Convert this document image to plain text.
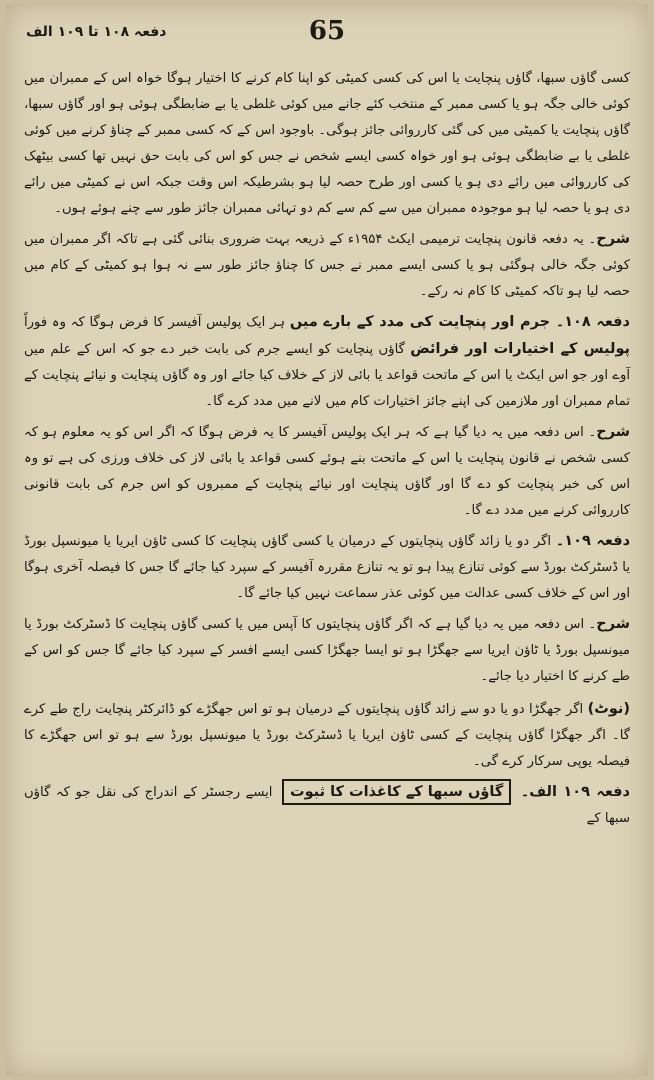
دفعہ ۱۰۸ تا ۱۰۹ الف	65

کسی گاؤں سبھا، گاؤں پنچایت یا اس کی کسی کمیٹی کو اپنا کام کرنے کا اختیار ہوگا خواہ اس کے ممبران میں کوئی خالی جگہ ہو یا کسی ممبر کے منتخب کئے جانے میں کوئی غلطی یا بے ضابطگی ہوئی ہو اور گاؤں سبھا، گاؤں پنچایت یا کمیٹی میں کی گئی کارروائی جائز ہوگی۔ باوجود اس کے کہ کسی ممبر کے چناؤ کرنے میں کوئی غلطی یا بے ضابطگی ہوئی ہو اور خواہ کسی ایسے شخص نے جس کو اس کی بابت حق نہیں تھا کسی بیٹھک کی کارروائی میں رائے دی ہو یا کسی اور طرح حصہ لیا ہو بشرطیکہ اس وقت جبکہ اس نے کمیٹی میں رائے دی ہو یا حصہ لیا ہو موجودہ ممبران میں سے کم سے کم دو تہائی ممبران جائز طور سے چنے ہوئے ہوں۔

شرح۔ یہ دفعہ قانون پنچایت ترمیمی ایکٹ ۱۹۵۴ء کے ذریعہ بہت ضروری بنائی گئی ہے تاکہ اگر ممبران میں کوئی جگہ خالی ہوگئی ہو یا کسی ایسے ممبر نے جس کا چناؤ جائز طور سے نہ ہوا ہو کمیٹی کے کام میں حصہ لیا ہو تاکہ کمیٹی کا کام نہ رکے۔

دفعہ ۱۰۸۔ جرم اور پنچایت کی مدد کے بارے میں ہر ایک پولیس آفیسر کا فرض ہوگا کہ وہ فوراً پولیس کے اختیارات اور فرائض گاؤں پنچایت کو ایسے جرم کی بابت خبر دے جو کہ اس کے علم میں آوے اور جو اس ایکٹ یا اس کے ماتحت قواعد یا بائی لاز کے خلاف کیا جائے اور وہ گاؤں پنچایت و نیائے پنچایت کے تمام ممبران اور ملازمین کی اپنے جائز اختیارات کام میں لانے میں مدد کرے گا۔

شرح۔ اس دفعہ میں یہ دیا گیا ہے کہ ہر ایک پولیس آفیسر کا یہ فرض ہوگا کہ اگر اس کو یہ معلوم ہو کہ کسی شخص نے قانون پنچایت یا اس کے ماتحت بنے ہوئے کسی قواعد یا بائی لاز کی خلاف ورزی کی ہے تو وہ اس کی خبر پنچایت کو دے گا اور گاؤں پنچایت اور نیائے پنچایت کے ممبروں کو اس جرم کی بابت قانونی کارروائی کرنے میں مدد دے گا۔

دفعہ ۱۰۹۔ اگر دو یا زائد گاؤں پنچایتوں کے درمیان یا کسی گاؤں پنچایت کا کسی ٹاؤن ایریا یا میونسپل بورڈ یا ڈسٹرکٹ بورڈ سے کوئی تنازع پیدا ہو تو یہ تنازع مقررہ آفیسر کے سپرد کیا جائے گا جس کا فیصلہ آخری ہوگا اور اس کے خلاف کسی عدالت میں کوئی عذر سماعت نہیں کیا جائے گا۔

شرح۔ اس دفعہ میں یہ دیا گیا ہے کہ اگر گاؤں پنچایتوں کا آپس میں یا کسی گاؤں پنچایت کا ڈسٹرکٹ بورڈ یا میونسپل بورڈ یا ٹاؤن ایریا سے جھگڑا ہو تو ایسا جھگڑا کسی ایسے افسر کے سپرد کیا جائے گا جس کو اس کے طے کرنے کا اختیار دیا جائے۔

(نوٹ) اگر جھگڑا دو یا دو سے زائد گاؤں پنچایتوں کے درمیان ہو تو اس جھگڑے کو ڈائرکٹر پنچایت راج طے کرے گا۔ اگر جھگڑا گاؤں پنچایت کے کسی ٹاؤن ایریا یا ڈسٹرکٹ بورڈ یا میونسپل بورڈ سے ہو تو اس جھگڑے کا فیصلہ یوپی سرکار کرے گی۔

دفعہ ۱۰۹ الف۔ گاؤں سبھا کے کاغذات کا ثبوت ایسے رجسٹر کے اندراج کی نقل جو کہ گاؤں سبھا کے
